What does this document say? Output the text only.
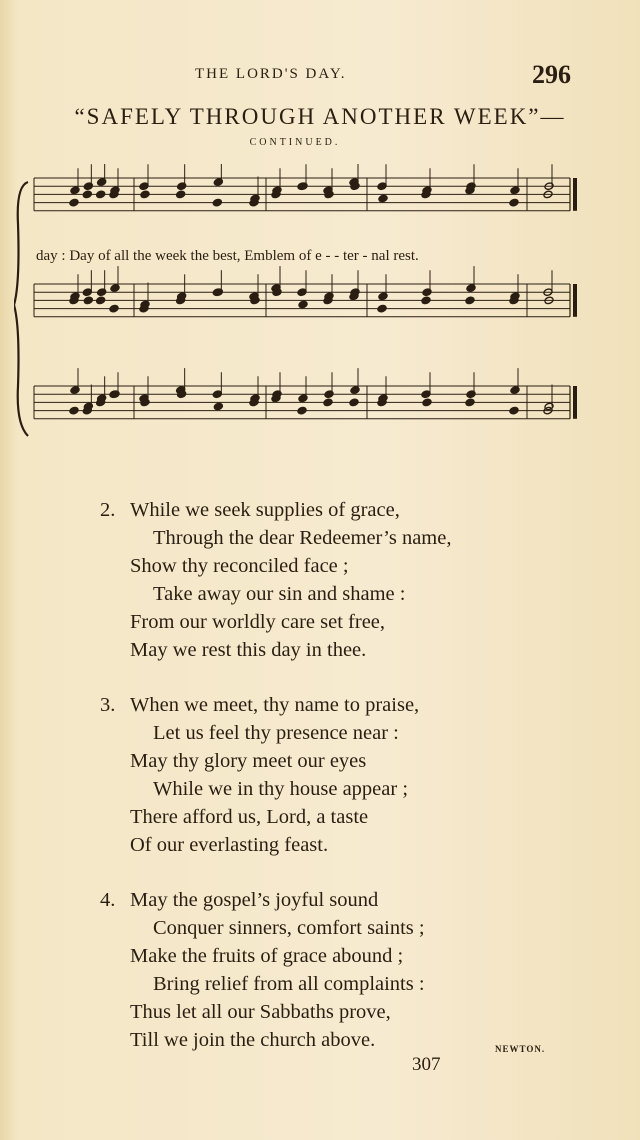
THE LORD'S DAY.	296
“SAFELY THROUGH ANOTHER WEEK”—
CONTINUED.
day : Day of all the week the best, Emblem of e - - ter - nal rest.
2. While we seek supplies of grace,
Through the dear Redeemer’s name,
Show thy reconciled face ;
Take away our sin and shame :
From our worldly care set free,
May we rest this day in thee.
3. When we meet, thy name to praise,
Let us feel thy presence near :
May thy glory meet our eyes
While we in thy house appear ;
There afford us, Lord, a taste
Of our everlasting feast.
4. May the gospel’s joyful sound
Conquer sinners, comfort saints ;
Make the fruits of grace abound ;
Bring relief from all complaints :
Thus let all our Sabbaths prove,
Till we join the church above.	NEWTON.
307
